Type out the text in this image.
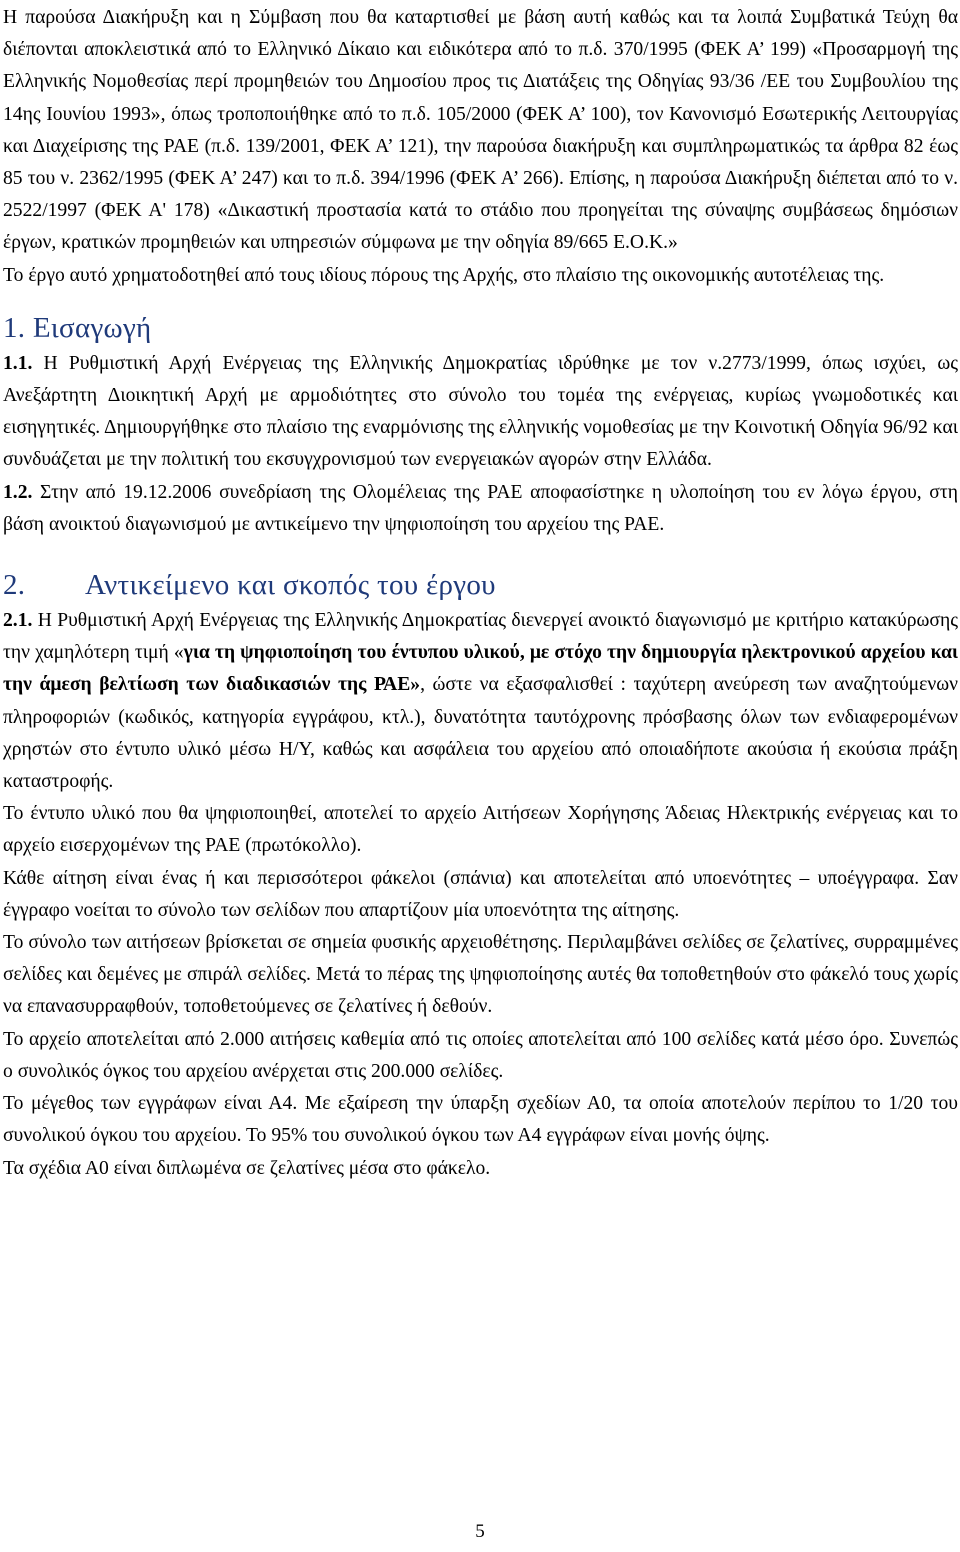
Η παρούσα Διακήρυξη και η Σύμβαση που θα καταρτισθεί με βάση αυτή καθώς και τα λοιπά Συμβατικά Τεύχη θα διέπονται αποκλειστικά από το Ελληνικό Δίκαιο και ειδικότερα από το π.δ. 370/1995 (ΦΕΚ Α’ 199) «Προσαρμογή της Ελληνικής Νομοθεσίας περί προμηθειών του Δημοσίου προς τις Διατάξεις της Οδηγίας 93/36 /ΕΕ του Συμβουλίου της 14ης Ιουνίου 1993», όπως τροποποιήθηκε από το π.δ. 105/2000 (ΦΕΚ Α’ 100), τον Κανονισμό Εσωτερικής Λειτουργίας και Διαχείρισης της ΡΑΕ (π.δ. 139/2001, ΦΕΚ Α’ 121), την παρούσα διακήρυξη και συμπληρωματικώς τα άρθρα 82 έως 85 του ν. 2362/1995 (ΦΕΚ Α’ 247) και το π.δ. 394/1996 (ΦΕΚ Α’ 266). Επίσης, η παρούσα Διακήρυξη διέπεται από το ν. 2522/1997 (ΦΕΚ Α' 178) «Δικαστική προστασία κατά το στάδιο που προηγείται της σύναψης συμβάσεως δημόσιων έργων, κρατικών προμηθειών και υπηρεσιών σύμφωνα με την οδηγία 89/665 Ε.Ο.Κ.»

Το έργο αυτό χρηματοδοτηθεί από τους ιδίους πόρους της Αρχής, στο πλαίσιο της οικονομικής αυτοτέλειας της.

1. Εισαγωγή

1.1. Η Ρυθμιστική Αρχή Ενέργειας της Ελληνικής Δημοκρατίας ιδρύθηκε με τον ν.2773/1999, όπως ισχύει, ως Ανεξάρτητη Διοικητική Αρχή με αρμοδιότητες στο σύνολο του τομέα της ενέργειας, κυρίως γνωμοδοτικές και εισηγητικές. Δημιουργήθηκε στο πλαίσιο της εναρμόνισης της ελληνικής νομοθεσίας με την Κοινοτική Οδηγία 96/92 και συνδυάζεται με την πολιτική του εκσυγχρονισμού των ενεργειακών αγορών στην Ελλάδα.

1.2. Στην από 19.12.2006 συνεδρίαση της Ολομέλειας της ΡΑΕ αποφασίστηκε η υλοποίηση του εν λόγω έργου, στη βάση ανοικτού διαγωνισμού με αντικείμενο την ψηφιοποίηση του αρχείου της ΡΑΕ.

2. Αντικείμενο και σκοπός του έργου

2.1. Η Ρυθμιστική Αρχή Ενέργειας της Ελληνικής Δημοκρατίας διενεργεί ανοικτό διαγωνισμό με κριτήριο κατακύρωσης την χαμηλότερη τιμή «για τη ψηφιοποίηση του έντυπου υλικού, με στόχο την δημιουργία ηλεκτρονικού αρχείου και την άμεση βελτίωση των διαδικασιών της ΡΑΕ», ώστε να εξασφαλισθεί : ταχύτερη ανεύρεση των αναζητούμενων πληροφοριών (κωδικός, κατηγορία εγγράφου, κτλ.), δυνατότητα ταυτόχρονης πρόσβασης όλων των ενδιαφερομένων χρηστών στο έντυπο υλικό μέσω Η/Υ, καθώς και ασφάλεια του αρχείου από οποιαδήποτε ακούσια ή εκούσια πράξη καταστροφής.

Το έντυπο υλικό που θα ψηφιοποιηθεί, αποτελεί το αρχείο Αιτήσεων Χορήγησης Άδειας Ηλεκτρικής ενέργειας και το αρχείο εισερχομένων της ΡΑΕ (πρωτόκολλο).

Κάθε αίτηση είναι ένας ή και περισσότεροι φάκελοι (σπάνια) και αποτελείται από υποενότητες – υποέγγραφα. Σαν έγγραφο νοείται το σύνολο των σελίδων που απαρτίζουν μία υποενότητα της αίτησης.

Το σύνολο των αιτήσεων βρίσκεται σε σημεία φυσικής αρχειοθέτησης. Περιλαμβάνει σελίδες σε ζελατίνες, συρραμμένες σελίδες και δεμένες με σπιράλ σελίδες. Μετά το πέρας της ψηφιοποίησης αυτές θα τοποθετηθούν στο φάκελό τους χωρίς να επανασυρραφθούν, τοποθετούμενες σε ζελατίνες ή δεθούν.

Το αρχείο αποτελείται από 2.000 αιτήσεις καθεμία από τις οποίες αποτελείται από 100 σελίδες κατά μέσο όρο. Συνεπώς ο συνολικός όγκος του αρχείου ανέρχεται στις 200.000 σελίδες.

Το μέγεθος των εγγράφων είναι Α4. Με εξαίρεση την ύπαρξη σχεδίων Α0, τα οποία αποτελούν περίπου το 1/20 του συνολικού όγκου του αρχείου. Το 95% του συνολικού όγκου των Α4 εγγράφων είναι μονής όψης.

Τα σχέδια Α0 είναι διπλωμένα σε ζελατίνες μέσα στο φάκελο.

5
